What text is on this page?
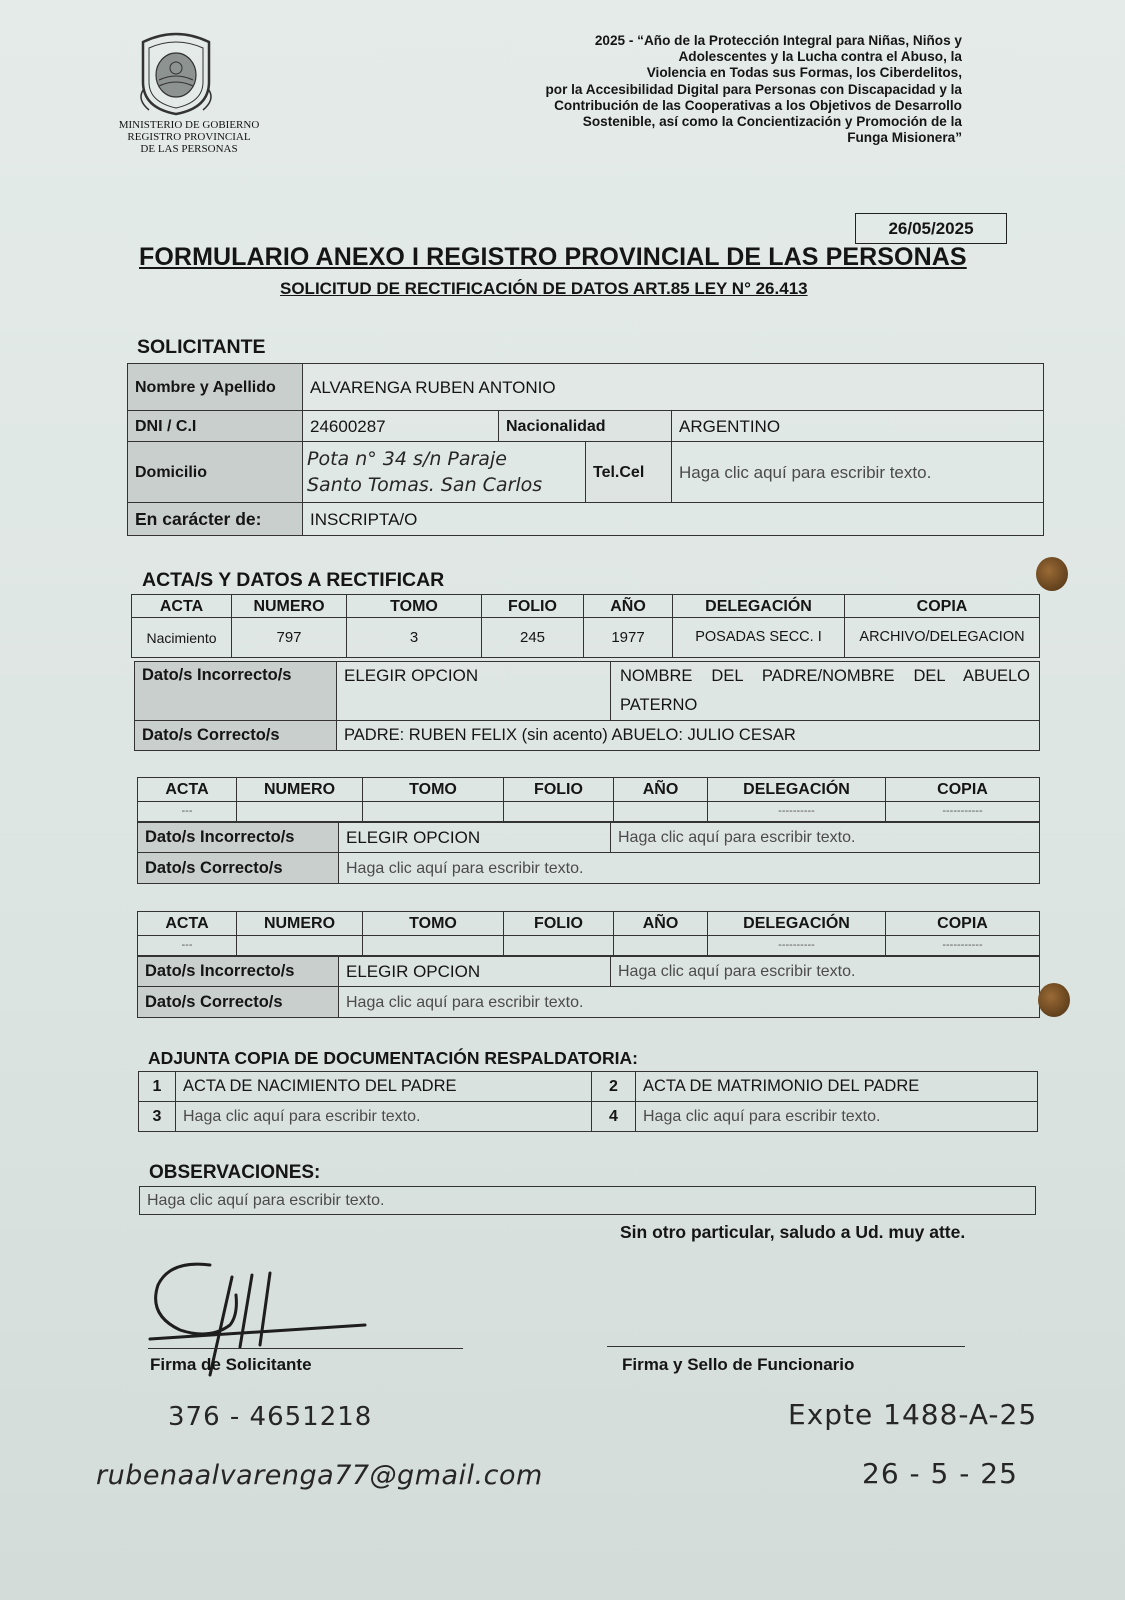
MINISTERIO DE GOBIERNO
REGISTRO PROVINCIAL
DE LAS PERSONAS
2025 - “Año de la Protección Integral para Niñas, Niños y
Adolescentes y la Lucha contra el Abuso, la
Violencia en Todas sus Formas, los Ciberdelitos,
por la Accesibilidad Digital para Personas con Discapacidad y la
Contribución de las Cooperativas a los Objetivos de Desarrollo
Sostenible, así como la Concientización y Promoción de la
Funga Misionera”
26/05/2025
FORMULARIO ANEXO I REGISTRO PROVINCIAL DE LAS PERSONAS
SOLICITUD DE RECTIFICACIÓN DE DATOS ART.85 LEY N° 26.413
SOLICITANTE
Nombre y Apellido	ALVARENGA RUBEN ANTONIO			
DNI / C.I	24600287	Nacionalidad		ARGENTINO
Domicilio	Pota n° 34 s/n Paraje
Santo Tomas. San Carlos		Tel.Cel	Haga clic aquí para escribir texto.
En carácter de:	INSCRIPTA/O			
ACTA/S Y DATOS A RECTIFICAR
ACTA	NUMERO	TOMO	FOLIO	AÑO	DELEGACIÓN	COPIA
Nacimiento	797	3	245	1977	POSADAS SECC. I	ARCHIVO/DELEGACION
Dato/s Incorrecto/s	ELEGIR OPCION	NOMBRE DEL PADRE/NOMBRE DEL ABUELO PATERNO
Dato/s Correcto/s	PADRE: RUBEN FELIX (sin acento) ABUELO: JULIO CESAR	
ACTA	NUMERO	TOMO	FOLIO	AÑO	DELEGACIÓN	COPIA
---					----------	-----------
Dato/s Incorrecto/s	ELEGIR OPCION	Haga clic aquí para escribir texto.
Dato/s Correcto/s	Haga clic aquí para escribir texto.	
ACTA	NUMERO	TOMO	FOLIO	AÑO	DELEGACIÓN	COPIA
---					----------	-----------
Dato/s Incorrecto/s	ELEGIR OPCION	Haga clic aquí para escribir texto.
Dato/s Correcto/s	Haga clic aquí para escribir texto.	
ADJUNTA COPIA DE DOCUMENTACIÓN RESPALDATORIA:
1	ACTA DE NACIMIENTO DEL PADRE	2	ACTA DE MATRIMONIO DEL PADRE
3	Haga clic aquí para escribir texto.	4	Haga clic aquí para escribir texto.
OBSERVACIONES:
Haga clic aquí para escribir texto.
Sin otro particular, saludo a Ud. muy atte.
Firma de Solicitante	Firma y Sello de Funcionario
376 - 4651218
rubenaalvarenga77@gmail.com
Expte 1488-A-25
26 - 5 - 25
